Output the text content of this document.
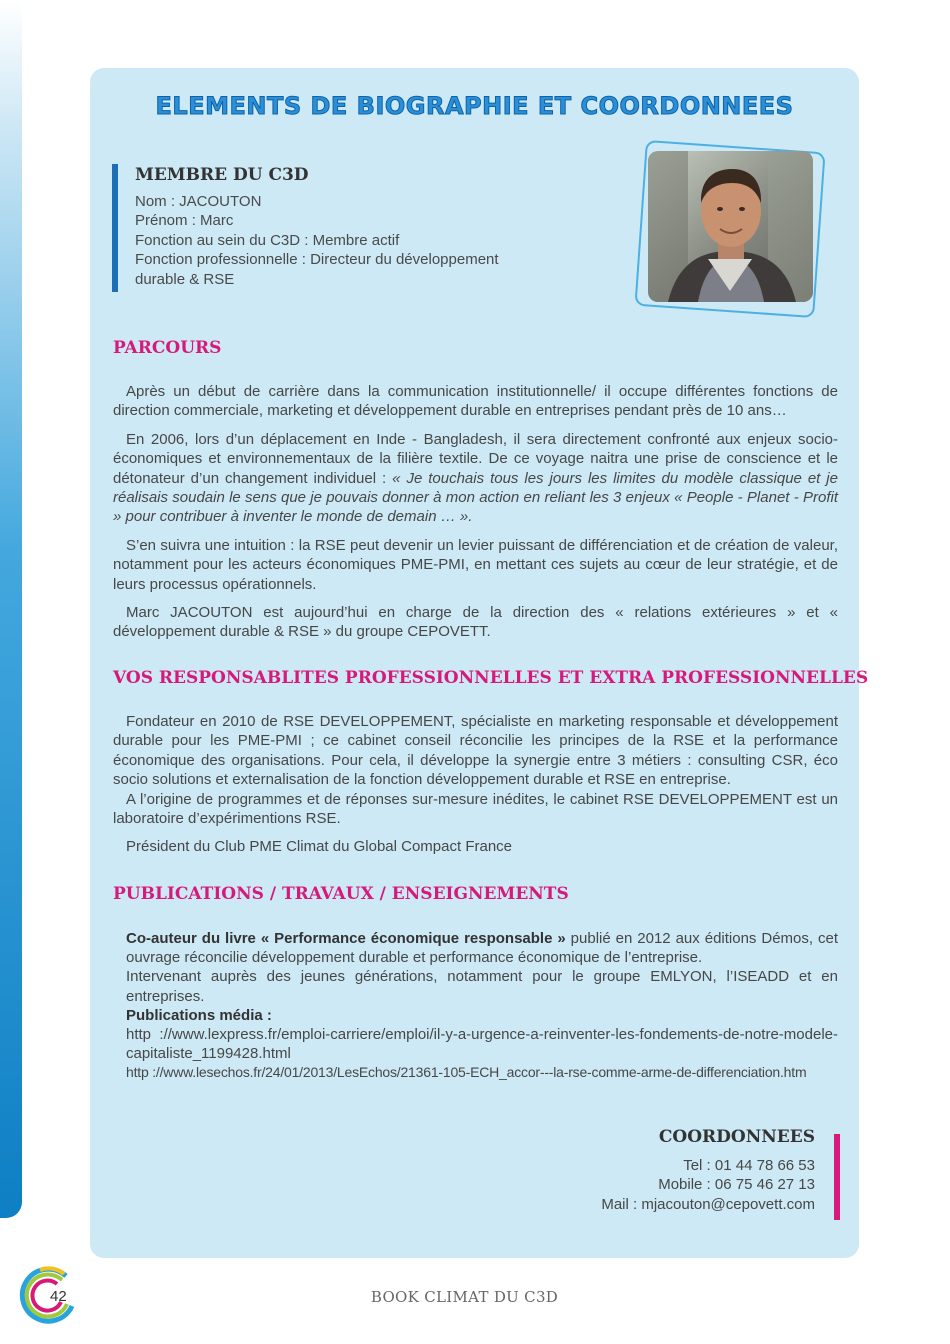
ELEMENTS DE BIOGRAPHIE ET COORDONNEES
MEMBRE DU C3D
Nom : JACOUTON
Prénom : Marc
Fonction au sein du C3D : Membre actif
Fonction professionnelle : Directeur du développement
durable & RSE
PARCOURS

Après un début de carrière dans la communication institutionnelle/ il occupe différentes fonctions de direction commerciale, marketing et développement durable en entreprises pendant près de 10 ans…

En 2006, lors d’un déplacement en Inde - Bangladesh, il sera directement confronté aux enjeux socio-économiques et environnementaux de la filière textile. De ce voyage naitra une prise de conscience et le détonateur d’un changement individuel : « Je touchais tous les jours les limites du modèle classique et je réalisais soudain le sens que je pouvais donner à mon action en reliant les 3 enjeux « People - Planet - Profit » pour contribuer à inventer le monde de demain … ».

S’en suivra une intuition : la RSE peut devenir un levier puissant de différenciation et de création de valeur, notamment pour les acteurs économiques PME-PMI, en mettant ces sujets au cœur de leur stratégie, et de leurs processus opérationnels.

Marc JACOUTON est aujourd’hui en charge de la direction des « relations extérieures » et « développement durable & RSE » du groupe CEPOVETT.

VOS RESPONSABLITES PROFESSIONNELLES ET EXTRA PROFESSIONNELLES

Fondateur en 2010 de RSE DEVELOPPEMENT, spécialiste en marketing responsable et développement durable pour les PME-PMI ; ce cabinet conseil réconcilie les principes de la RSE et la performance économique des organisations. Pour cela, il développe la synergie entre 3 métiers : consulting CSR, éco socio solutions et externalisation de la fonction développement durable et RSE en entreprise.

A l’origine de programmes et de réponses sur-mesure inédites, le cabinet RSE DEVELOPPEMENT est un laboratoire d’expérimentions RSE.

Président du Club PME Climat du Global Compact France

PUBLICATIONS / TRAVAUX / ENSEIGNEMENTS
Co-auteur du livre « Performance économique responsable » publié en 2012 aux éditions Démos, cet ouvrage réconcilie développement durable et performance économique de l’entreprise.
Intervenant auprès des jeunes générations, notamment pour le groupe EMLYON, l’ISEADD et en entreprises.
Publications média :
http ://www.lexpress.fr/emploi-carriere/emploi/il-y-a-urgence-a-reinventer-les-fondements-de-notre-modele-capitaliste_1199428.html
http ://www.lesechos.fr/24/01/2013/LesEchos/21361-105-ECH_accor---la-rse-comme-arme-de-differenciation.htm
COORDONNEES
Tel : 01 44 78 66 53
Mobile : 06 75 46 27 13
Mail : mjacouton@cepovett.com
42	BOOK CLIMAT DU C3D
